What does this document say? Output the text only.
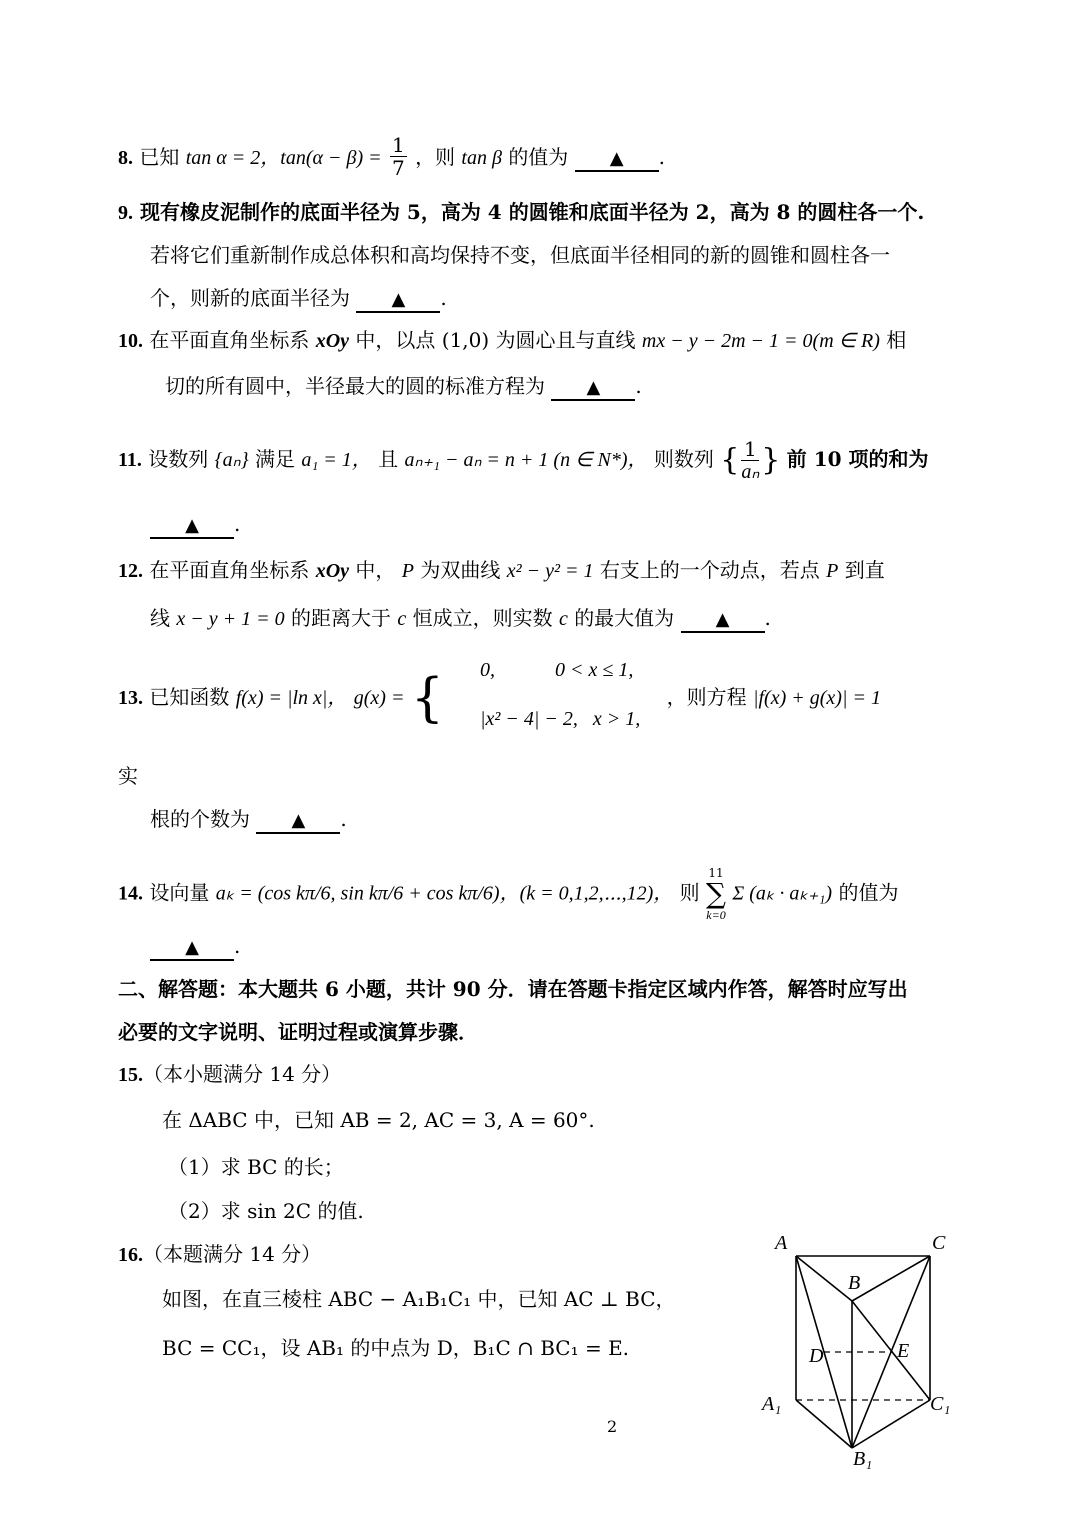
8. 已知 tan α = 2，$\tan(\alpha - \beta) = \frac{1}{7}$ ，则 tan β 的值为 ▲ .
9. 现有橡皮泥制作的底面半径为 5，高为 4 的圆锥和底面半径为 2，高为 8 的圆柱各一个.
若将它们重新制作成总体积和高均保持不变，但底面半径相同的新的圆锥和圆柱各一
个，则新的底面半径为 ▲ .
10. 在平面直角坐标系 xOy 中，以点 (1,0) 为圆心且与直线 mx − y − 2m − 1 = 0(m ∈ R) 相
切的所有圆中，半径最大的圆的标准方程为 ▲ .
11. 设数列 {aₙ} 满足 a₁ = 1， 且 aₙ₊₁ − aₙ = n + 1 (n ∈ N*)， 则数列 { $\frac{1}{\text{aₙ}}$ } 前 10 项的和为
▲ .
12. 在平面直角坐标系 xOy 中， P 为双曲线 x² − y² = 1 右支上的一个动点，若点 P 到直
线 x − y + 1 = 0 的距离大于 c 恒成立，则实数 c 的最大值为 ▲ .
13. 已知函数 f(x) = |ln x|， g(x) = {	，则方程 |f(x) + g(x)| = 1
0,            0 < x ≤ 1,
|x² − 4| − 2,   x > 1,
实
根的个数为 ▲ .
14. 设向量 aₖ = (cos kπ/6, sin kπ/6 + cos kπ/6)，(k = 0,1,2,⋯,12)， 则
11
∑
k=0
Σ (aₖ · aₖ₊₁) 的值为
▲ .
二、解答题：本大题共 6 小题，共计 90 分．请在答题卡指定区域内作答，解答时应写出
必要的文字说明、证明过程或演算步骤．
15.（本小题满分 14 分）
在 ΔABC 中，已知 AB = 2, AC = 3, A = 60°.
（1）求 BC 的长；
（2）求 sin 2C 的值.
16.（本题满分 14 分）
如图，在直三棱柱 ABC − A₁B₁C₁ 中，已知 AC ⊥ BC，
BC = CC₁，设 AB₁ 的中点为 D，B₁C ∩ BC₁ = E.
A	C
B
D	E
A₁	C₁
B₁
2
